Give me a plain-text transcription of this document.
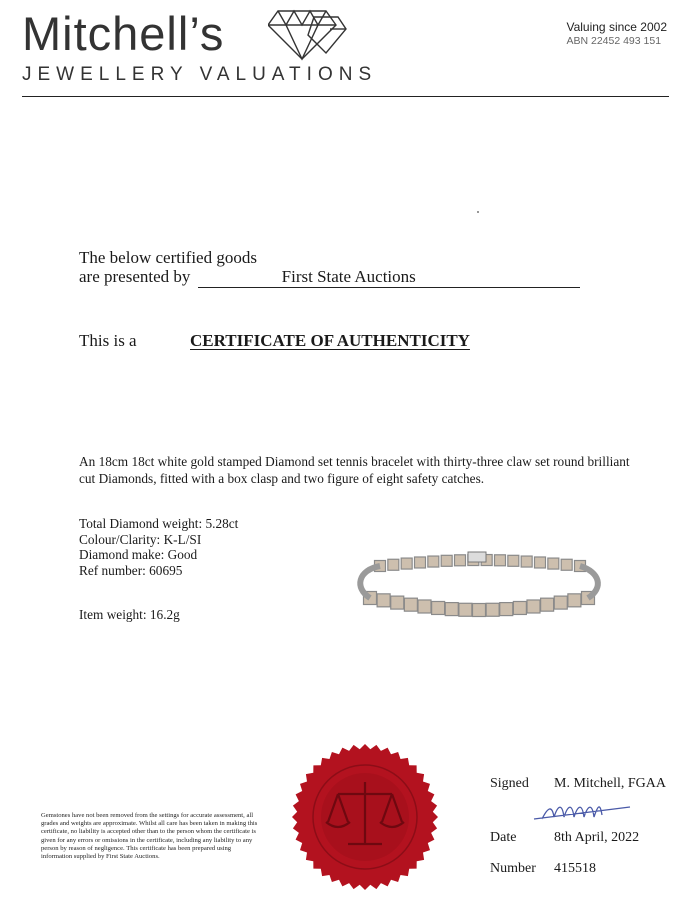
Mitchell’s
JEWELLERY VALUATIONS
Valuing since 2002
ABN 22452 493 151
The below certified goods
are presented by	First State Auctions
This is a	CERTIFICATE OF AUTHENTICITY
An 18cm 18ct white gold stamped Diamond set tennis bracelet with thirty-three claw set round brilliant cut Diamonds, fitted with a box clasp and two figure of eight safety catches.
Total Diamond weight: 5.28ct
Colour/Clarity: K-L/SI
Diamond make: Good
Ref number: 60695
Item weight: 16.2g
Signed M. Mitchell, FGAA
Date	8th April, 2022
Number 415518
Gemstones have not been removed from the settings for accurate assessment, all grades and weights are approximate. Whilst all care has been taken in making this certificate, no liability is accepted other than to the person whom the certificate is given for any errors or omissions in the certificate, including any liability to any person by reason of negligence. This certificate has been prepared using information supplied by First State Auctions.
